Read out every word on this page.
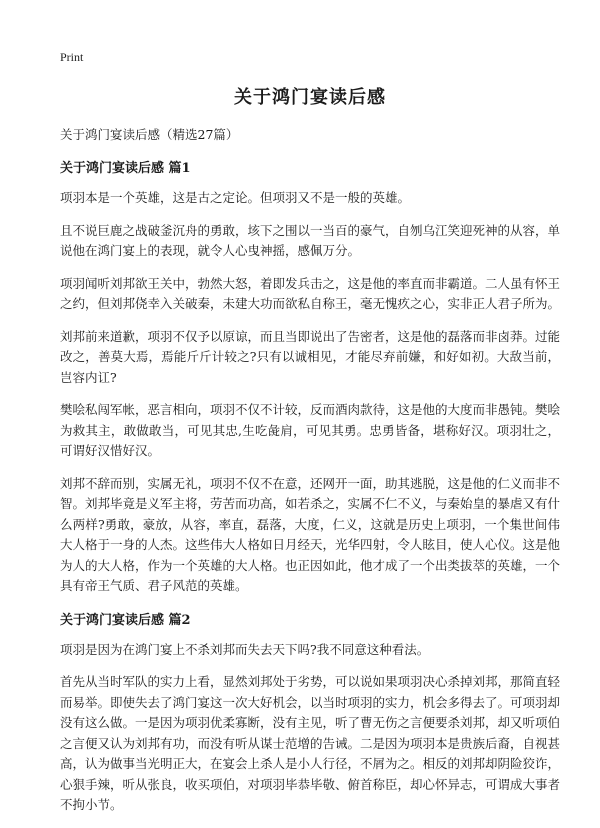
Print
关于鸿门宴读后感
关于鸿门宴读后感（精选27篇）
关于鸿门宴读后感 篇1

项羽本是一个英雄，这是古之定论。但项羽又不是一般的英雄。

且不说巨鹿之战破釜沉舟的勇敢，垓下之围以一当百的豪气，自刎乌江笑迎死神的从容，单说他在鸿门宴上的表现，就令人心曳神摇，感佩万分。

项羽闻听刘邦欲王关中，勃然大怒，着即发兵击之，这是他的率直而非霸道。二人虽有怀王之约，但刘邦侥幸入关破秦，未建大功而欲私自称王，毫无愧疚之心，实非正人君子所为。

刘邦前来道歉，项羽不仅予以原谅，而且当即说出了告密者，这是他的磊落而非卤莽。过能改之，善莫大焉，焉能斤斤计较之?只有以诚相见，才能尽弃前嫌，和好如初。大敌当前，岂容内讧?

樊哙私闯军帐，恶言相向，项羽不仅不计较，反而酒肉款待，这是他的大度而非愚钝。樊哙为救其主，敢做敢当，可见其忠,生吃彘肩，可见其勇。忠勇皆备，堪称好汉。项羽壮之，可谓好汉惜好汉。

刘邦不辞而别，实属无礼，项羽不仅不在意，还网开一面，助其逃脱，这是他的仁义而非不智。刘邦毕竟是义军主将，劳苦而功高，如若杀之，实属不仁不义，与秦始皇的暴虐又有什么两样?勇敢，豪放，从容，率直，磊落，大度，仁义，这就是历史上项羽，一个集世间伟大人格于一身的人杰。这些伟大人格如日月经天，光华四射，令人眩目，使人心仪。这是他为人的大人格，作为一个英雄的大人格。也正因如此，他才成了一个出类拔萃的英雄，一个具有帝王气质、君子风范的英雄。

关于鸿门宴读后感 篇2

项羽是因为在鸿门宴上不杀刘邦而失去天下吗?我不同意这种看法。

首先从当时军队的实力上看，显然刘邦处于劣势，可以说如果项羽决心杀掉刘邦，那简直轻而易举。即使失去了鸿门宴这一次大好机会，以当时项羽的实力，机会多得去了。可项羽却没有这么做。一是因为项羽优柔寡断，没有主见，听了曹无伤之言便要杀刘邦，却又听项伯之言便又认为刘邦有功，而没有听从谋士范增的告诫。二是因为项羽本是贵族后裔，自视甚高，认为做事当光明正大，在宴会上杀人是小人行径，不屑为之。相反的刘邦却阴险狡诈，心狠手辣，听从张良，收买项伯，对项羽毕恭毕敬、俯首称臣，却心怀异志，可谓成大事者不拘小节。
